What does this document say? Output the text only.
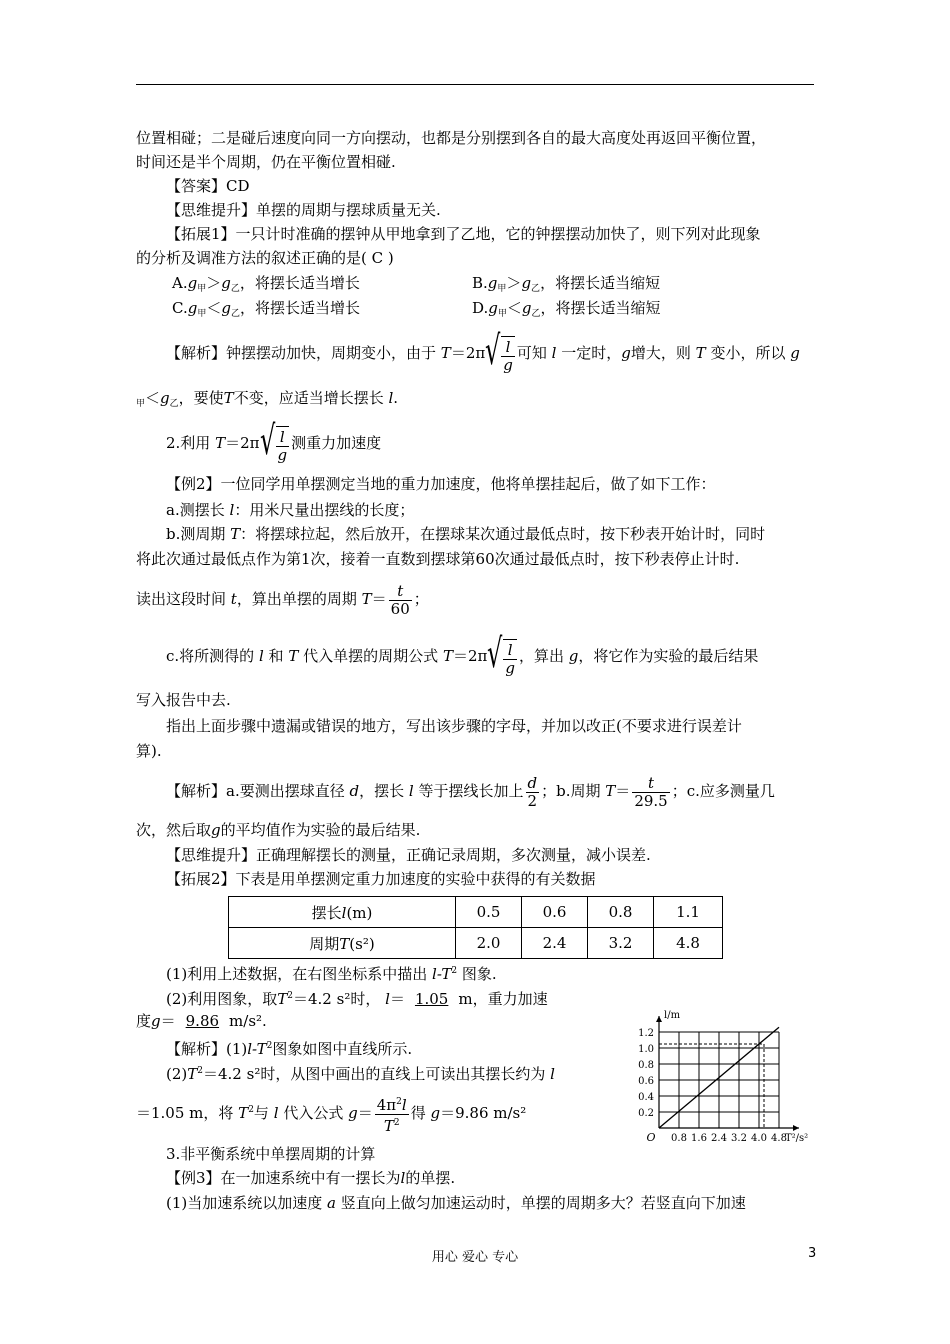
位置相碰；二是碰后速度向同一方向摆动，也都是分别摆到各自的最大高度处再返回平衡位置，
时间还是半个周期，仍在平衡位置相碰.
【答案】CD
【思维提升】单摆的周期与摆球质量无关.
【拓展1】一只计时准确的摆钟从甲地拿到了乙地，它的钟摆摆动加快了，则下列对此现象
的分析及调准方法的叙述正确的是( C )
$A.g_甲>g_乙$，将摆长适当增长	$B.g_甲>g_乙$，将摆长适当缩短
$C.g_甲<g_乙$，将摆长适当增长	$D.g_甲<g_乙$，将摆长适当缩短
【解析】钟摆摆动加快，周期变小，由于 T＝2π √ $\frac{l}{g}$ 可知 l 一定时，g增大，则 T 变小，所以 g
$_甲<g_乙$，要使T不变，应适当增长摆长 l.
2.利用 T＝2π √ $\frac{l}{g}$ 测重力加速度
【例2】一位同学用单摆测定当地的重力加速度，他将单摆挂起后，做了如下工作：
a.测摆长 l：用米尺量出摆线的长度；
b.测周期 T：将摆球拉起，然后放开，在摆球某次通过最低点时，按下秒表开始计时，同时
将此次通过最低点作为第1次，接着一直数到摆球第60次通过最低点时，按下秒表停止计时.
读出这段时间 t，算出单摆的周期 $T= \frac{t}{60}$ ；
c.将所测得的 l 和 T 代入单摆的周期公式 T＝2π √ $\frac{l}{g}$ ，算出 g，将它作为实验的最后结果
写入报告中去.
指出上面步骤中遗漏或错误的地方，写出该步骤的字母，并加以改正(不要求进行误差计
算).
【解析】a.要测出摆球直径 d，摆长 l 等于摆线长加上 $\frac{d}{2}$ ；b.周期 $T= \frac{t}{29.5}$ ；c.应多测量几
次，然后取g的平均值作为实验的最后结果.
【思维提升】正确理解摆长的测量，正确记录周期，多次测量，减小误差.
【拓展2】下表是用单摆测定重力加速度的实验中获得的有关数据
摆长l(m)	0.5	0.6	0.8	1.1
周期T(s²)	2.0	2.4	3.2	4.8
(1)利用上述数据，在右图坐标系中描出 $l-T^2$ 图象.
(2)利用图象，取$T^2=4.2$ s²时， l＝ 1.05 m，重力加速
度g＝ 9.86 m/s².
【解析】$(1)l-T^2$图象如图中直线所示.
$(2)T^2=4.2$ s²时，从图中画出的直线上可读出其摆长约为 l
＝1.05 m，将 $T^2$与 l 代入公式 $g= \frac{4\pi^2l}{T^2}$ 得 g＝9.86 m/s²
3.非平衡系统中单摆周期的计算
【例3】在一加速系统中有一摆长为l的单摆.
(1)当加速系统以加速度 a 竖直向上做匀加速运动时，单摆的周期多大？若竖直向下加速
0.8 1.6 2.4 3.2 4.0 4.8
0.2
0.4
0.6
0.8
1.0
1.2
O
l/m
T²/s²
用心 爱心 专心	3
